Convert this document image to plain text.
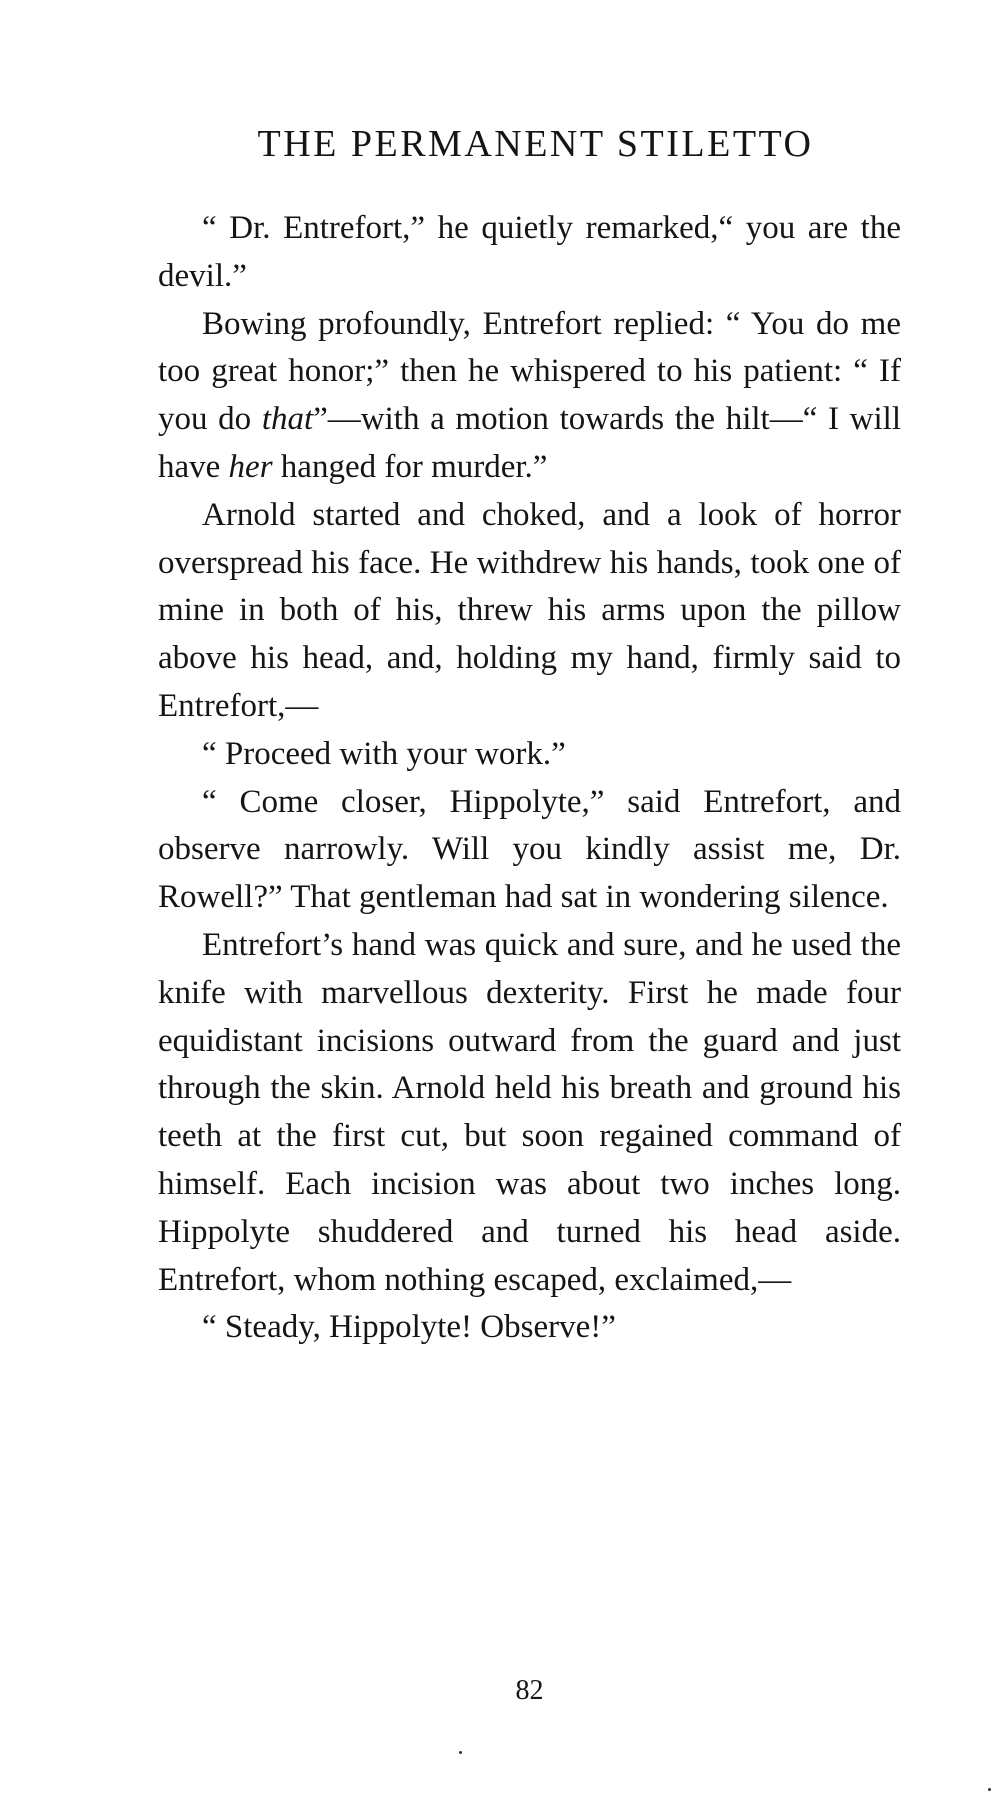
THE PERMANENT STILETTO

“ Dr. Entrefort,” he quietly remarked,“ you are the devil.”

Bowing profoundly, Entrefort replied: “ You do me too great honor;” then he whispered to his patient: “ If you do that”—with a motion towards the hilt—“ I will have her hanged for murder.”

Arnold started and choked, and a look of horror overspread his face. He withdrew his hands, took one of mine in both of his, threw his arms upon the pillow above his head, and, holding my hand, firmly said to Entrefort,—

“ Proceed with your work.”

“ Come closer, Hippolyte,” said Entrefort, and observe narrowly. Will you kindly assist me, Dr. Rowell?” That gentleman had sat in wondering silence.

Entrefort’s hand was quick and sure, and he used the knife with marvellous dexterity. First he made four equidistant incisions outward from the guard and just through the skin. Arnold held his breath and ground his teeth at the first cut, but soon regained command of himself. Each incision was about two inches long. Hippolyte shuddered and turned his head aside. Entrefort, whom nothing escaped, exclaimed,—

“ Steady, Hippolyte! Observe!”

82
